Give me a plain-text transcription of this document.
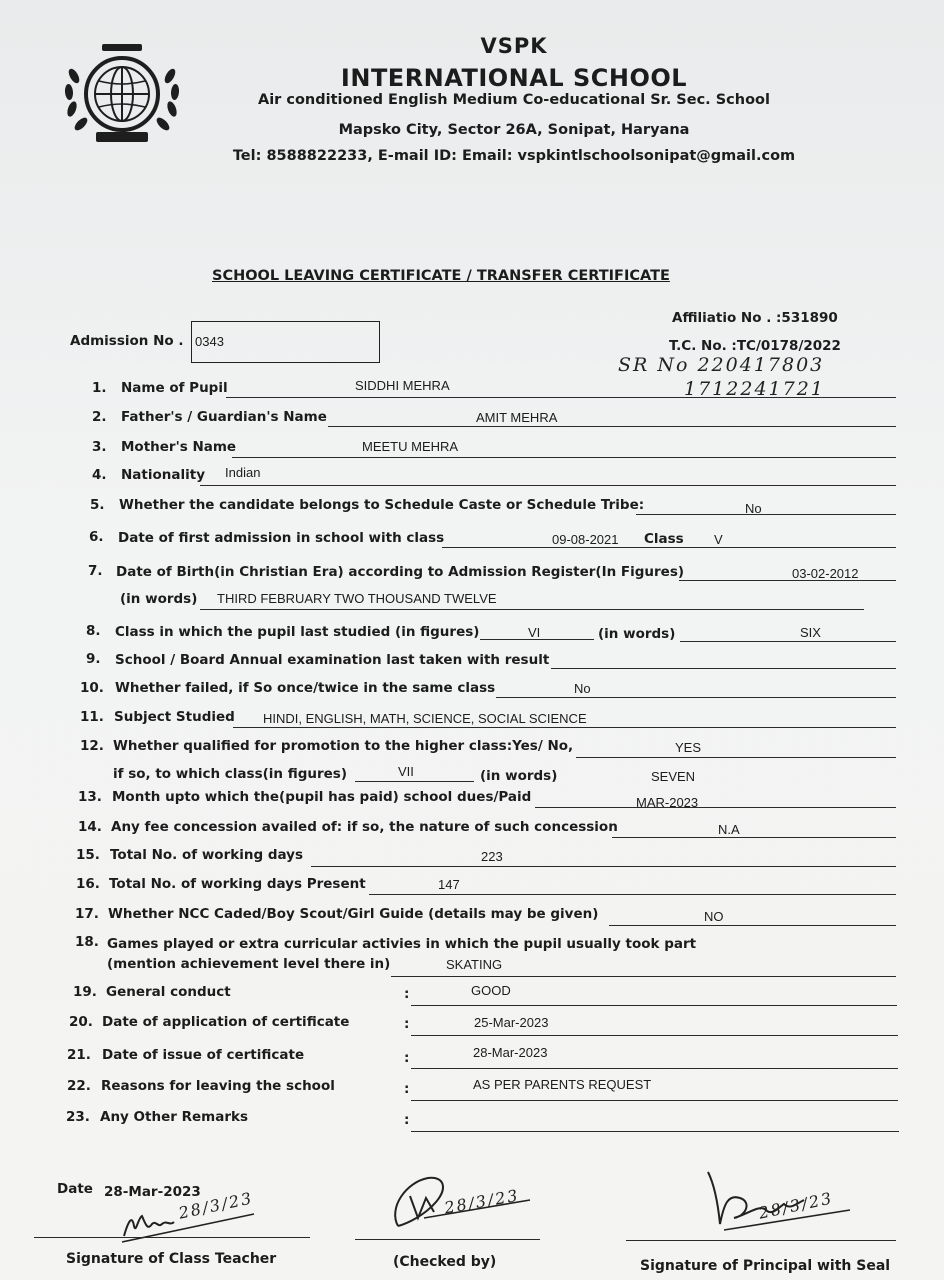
VSPK
INTERNATIONAL SCHOOL
Air conditioned English Medium Co-educational Sr. Sec. School
Mapsko City, Sector 26A, Sonipat, Haryana
Tel: 8588822233, E-mail ID: Email: vspkintlschoolsonipat@gmail.com
SCHOOL LEAVING CERTIFICATE / TRANSFER CERTIFICATE
Affiliatio No . :531890
T.C. No. :TC/0178/2022
SR No 220417803
1712241721
Admission No . 0343
1. Name of Pupil	SIDDHI MEHRA
2. Father's / Guardian's Name	AMIT MEHRA
3. Mother's Name	MEETU MEHRA
4. Nationality Indian
5. Whether the candidate belongs to Schedule Caste or Schedule Tribe:	No
6. Date of first admission in school with class	09-08-2021 Class V
7. Date of Birth(in Christian Era) according to Admission Register(In Figures)	03-02-2012
(in words) THIRD FEBRUARY TWO THOUSAND TWELVE
8. Class in which the pupil last studied (in figures)	VI	(in words)	SIX
9. School / Board Annual examination last taken with result
10. Whether failed, if So once/twice in the same class	No
11. Subject Studied HINDI, ENGLISH, MATH, SCIENCE, SOCIAL SCIENCE
12. Whether qualified for promotion to the higher class:Yes/ No,	YES
if so, to which class(in figures)	VII	(in words)	SEVEN
13. Month upto which the(pupil has paid) school dues/Paid	MAR-2023
14. Any fee concession availed of: if so, the nature of such concession	N.A
15. Total No. of working days	223
16. Total No. of working days Present	147
17. Whether NCC Caded/Boy Scout/Girl Guide (details may be given)	NO
18. Games played or extra curricular activies in which the pupil usually took part
(mention achievement level there in)	SKATING
19. General conduct	:	GOOD
20. Date of application of certificate	:	25-Mar-2023
21. Date of issue of certificate	:	28-Mar-2023
22. Reasons for leaving the school	:	AS PER PARENTS REQUEST
23. Any Other Remarks	:
Date 28-Mar-2023
28/3/23	28/3/23	28/3/23
Signature of Class Teacher	(Checked by)	Signature of Principal with Seal
